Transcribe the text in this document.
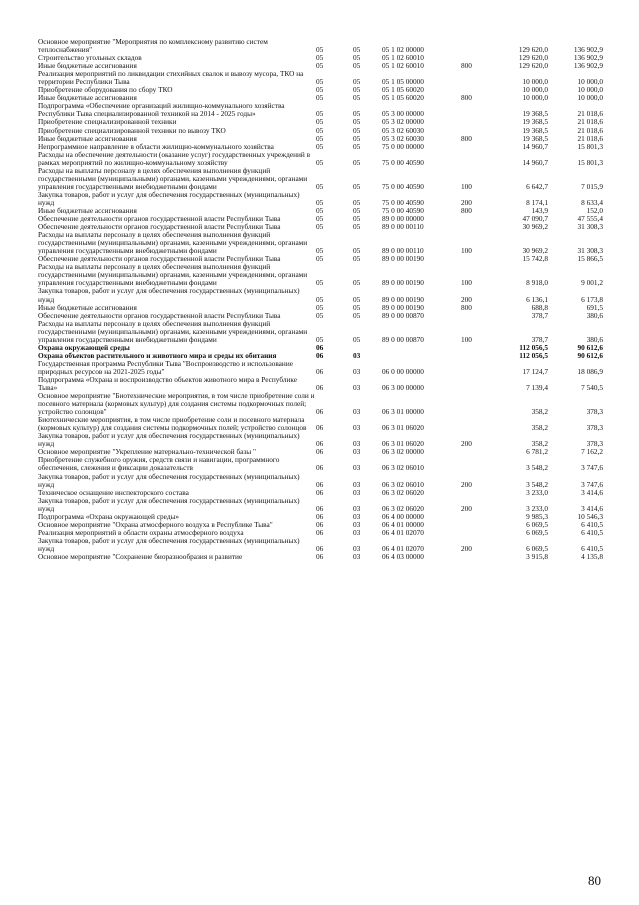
Основное мероприятие "Мероприятия по комплексному развитию систем теплоснабжения"	05		05		05 1 02 00000		129 620,0	136 902,9
Строительство угольных складов	05		05		05 1 02 60010		129 620,0	136 902,9
Иные бюджетные ассигнования	05		05		05 1 02 60010	800	129 620,0	136 902,9
Реализация мероприятий по ликвидации стихийных свалок и вывозу мусора, ТКО на территории Республики Тыва	05		05		05 1 05 00000		10 000,0	10 000,0
Приобретение оборудования по сбору ТКО	05		05		05 1 05 60020		10 000,0	10 000,0
Иные бюджетные ассигнования	05		05		05 1 05 60020	800	10 000,0	10 000,0
Подпрограмма «Обеспечение организаций жилищно-коммунального хозяйства Республики Тыва специализированной техникой на 2014 - 2025 годы»	05		05		05 3 00 00000		19 368,5	21 018,6
Приобретение специализированной техники	05		05		05 3 02 00000		19 368,5	21 018,6
Приобретение специализированной техники по вывозу ТКО	05		05		05 3 02 60030		19 368,5	21 018,6
Иные бюджетные ассигнования	05		05		05 3 02 60030	800	19 368,5	21 018,6
Непрограммное направление в области жилищно-коммунального хозяйства	05		05		75 0 00 00000		14 960,7	15 801,3
Расходы на обеспечение деятельности (оказание услуг) государственных учреждений в рамках мероприятий по жилищно-коммунальному хозяйству	05		05		75 0 00 40590		14 960,7	15 801,3
Расходы на выплаты персоналу в целях обеспечения выполнения функций государственными (муниципальными) органами, казенными учреждениями, органами управления государственными внебюджетными фондами	05		05		75 0 00 40590	100	6 642,7	7 015,9
Закупка товаров, работ и услуг для обеспечения государственных (муниципальных) нужд	05		05		75 0 00 40590	200	8 174,1	8 633,4
Иные бюджетные ассигнования	05		05		75 0 00 40590	800	143,9	152,0
Обеспечение деятельности органов государственной власти Республики Тыва	05		05		89 0 00 00000		47 090,7	47 555,4
Обеспечение деятельности органов государственной власти Республики Тыва	05		05		89 0 00 00110		30 969,2	31 308,3
Расходы на выплаты персоналу в целях обеспечения выполнения функций государственными (муниципальными) органами, казенными учреждениями, органами управления государственными внебюджетными фондами	05		05		89 0 00 00110	100	30 969,2	31 308,3
Обеспечение деятельности органов государственной власти Республики Тыва	05		05		89 0 00 00190		15 742,8	15 866,5
Расходы на выплаты персоналу в целях обеспечения выполнения функций государственными (муниципальными) органами, казенными учреждениями, органами управления государственными внебюджетными фондами	05		05		89 0 00 00190	100	8 918,0	9 001,2
Закупка товаров, работ и услуг для обеспечения государственных (муниципальных) нужд	05		05		89 0 00 00190	200	6 136,1	6 173,8
Иные бюджетные ассигнования	05		05		89 0 00 00190	800	688,8	691,5
Обеспечение деятельности органов государственной власти Республики Тыва	05		05		89 0 00 00870		378,7	380,6
Расходы на выплаты персоналу в целях обеспечения выполнения функций государственными (муниципальными) органами, казенными учреждениями, органами управления государственными внебюджетными фондами	05		05		89 0 00 00870	100	378,7	380,6
Охрана окружающей среды	06						112 056,5	90 612,6
Охрана объектов растительного и животного мира и среды их обитания	06		03				112 056,5	90 612,6
Государственная программа Республики Тыва "Воспроизводство и использование природных ресурсов на 2021-2025 годы"	06		03		06 0 00 00000		17 124,7	18 086,9
Подпрограмма «Охрана и воспроизводство объектов животного мира в Республике Тыва»	06		03		06 3 00 00000		7 139,4	7 540,5
Основное мероприятие "Биотехнические мероприятия, в том числе приобретение соли и посевного материала (кормовых культур) для создания системы подкормочных полей; устройство солонцов"	06		03		06 3 01 00000		358,2	378,3
Биотехнические мероприятия, в том числе приобретение соли и посевного материала (кормовых культур) для создания системы подкормочных полей; устройство солонцов	06		03		06 3 01 06020		358,2	378,3
Закупка товаров, работ и услуг для обеспечения государственных (муниципальных) нужд	06		03		06 3 01 06020	200	358,2	378,3
Основное мероприятие "Укрепление материально-технической базы "	06		03		06 3 02 00000		6 781,2	7 162,2
Приобретение служебного оружия, средств связи и навигации, программного обеспечения, слежения и фиксации доказательств	06		03		06 3 02 06010		3 548,2	3 747,6
Закупка товаров, работ и услуг для обеспечения государственных (муниципальных) нужд	06		03		06 3 02 06010	200	3 548,2	3 747,6
Техническое оснащение инспекторского состава	06		03		06 3 02 06020		3 233,0	3 414,6
Закупка товаров, работ и услуг для обеспечения государственных (муниципальных) нужд	06		03		06 3 02 06020	200	3 233,0	3 414,6
Подпрограмма «Охрана окружающей среды»	06		03		06 4 00 00000		9 985,3	10 546,3
Основное мероприятие "Охрана атмосферного воздуха в Республике Тыва"	06		03		06 4 01 00000		6 069,5	6 410,5
Реализация мероприятий в области охраны атмосферного воздуха	06		03		06 4 01 02070		6 069,5	6 410,5
Закупка товаров, работ и услуг для обеспечения государственных (муниципальных) нужд	06		03		06 4 01 02070	200	6 069,5	6 410,5
Основное мероприятие "Сохранение биоразнообразия и развитие	06		03		06 4 03 00000		3 915,8	4 135,8
80
